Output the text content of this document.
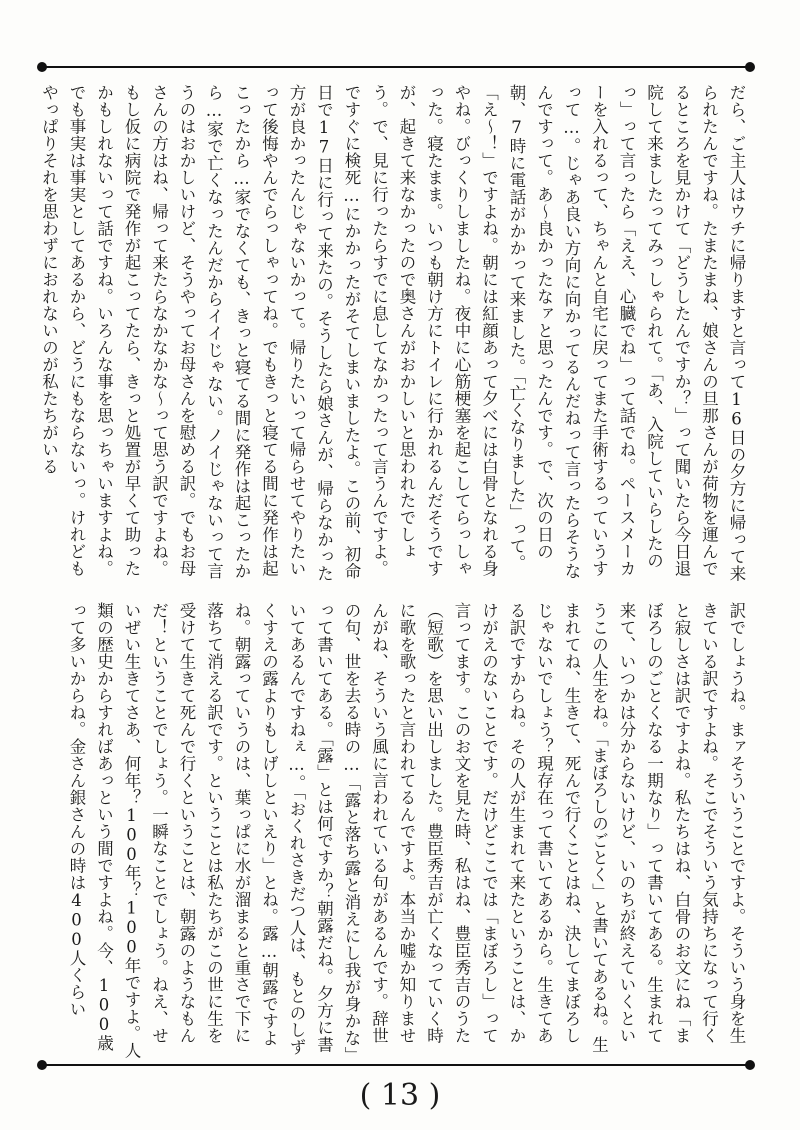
だら、ご主人はウチに帰りますと言って16日の夕方に帰って来られたんですね。たまたまね、娘さんの旦那さんが荷物を運んでるところを見かけて「どうしたんですか？」って聞いたら今日退院して来ましたってみっしゃられて。「あ、入院していらしたのっ」って言ったら「ええ、心臓でね」って話でね。ペースメーカーを入れるって、ちゃんと自宅に戻ってまた手術するっていうすって…。じゃあ良い方向に向かってるんだねって言ったらそうなんですって。あ〜良かったなァと思ったんです。で、次の日の朝、7時に電話がかかって来ました。「亡くなりました」って。「え〜！」ですよね。朝には紅顔あって夕べには白骨となれる身やね。びっくりしましたね。夜中に心筋梗塞を起こしてらっしゃった。寝たまま。いつも朝け方にトイレに行かれるんだそうですが、起きて来なかったので奥さんがおかしいと思われたでしょう。で、見に行ったらすでに息してなかったって言うんですよ。ですぐに検死…にかかったがそてしまいましたよ。この前、初命日で17日に行って来たの。そうしたら娘さんが、帰らなかった方が良かったんじゃないかって。帰りたいって帰らせてやりたいって後悔やんでらっしゃってね。でもきっと寝てる間に発作は起こったから…家でなくても、きっと寝てる間に発作は起こったから…家で亡くなったんだからイイじゃない。ノイじゃないって言うのはおかしいけど、そうやってお母さんを慰める訳。でもお母さんの方はね、帰って来たらなかなかな〜って思う訳ですよね。もし仮に病院で発作が起こってたら、きっと処置が早くて助ったかもしれないって話ですね。いろんな事を思っちゃいますよね。でも事実は事実としてあるから、どうにもならないっ。けれどもやっぱりそれを思わずにおれないのが私たちがいる
訳でしょうね。まァそういうことですよ。そういう身を生きている訳ですよね。そこでそういう気持ちになって行くと寂しさは訳ですよね。私たちはね、白骨のお文にね「まぼろしのごとくなる一期なり」って書いてある。生まれて来て、いつかは分からないけど、いのちが終えていくというこの人生をね。「まぼろしのごとく」と書いてあるね。生まれてね、生きて、死んで行くことはね、決してまぼろしじゃないでしょう？現存在って書いてあるから。生きてある訳ですからね。その人が生まれて来たということは、かけがえのないことです。だけどここでは「まぼろし」って言ってます。このお文を見た時、私はね、豊臣秀吉のうた（短歌）を思い出しました。豊臣秀吉が亡くなっていく時に歌を歌ったと言われてるんですよ。本当か嘘か知りませんがね、そういう風に言われている句があるんです。辞世の句、世を去る時の…「露と落ち露と消えにし我が身かな」って書いてある。「露」とは何ですか？朝露だね。夕方に書いてあるんですねぇ…。「おくれさきだつ人は、もとのしずくすえの露よりもしげしといえり」とね。露…朝露ですよね。朝露っていうのは、葉っぱに水が溜まると重さで下に落ちて消える訳です。ということは私たちがこの世に生を受けて生きて死んで行くということは、朝露のようなもんだ！ということでしょう。一瞬なことでしょう。ねえ、せいぜい生きてさあ、何年？100年？100年ですよ。人類の歴史からすればあっという間ですよね。今、100歳って多いからね。金さん銀さんの時は400人くらい
( 13 )
